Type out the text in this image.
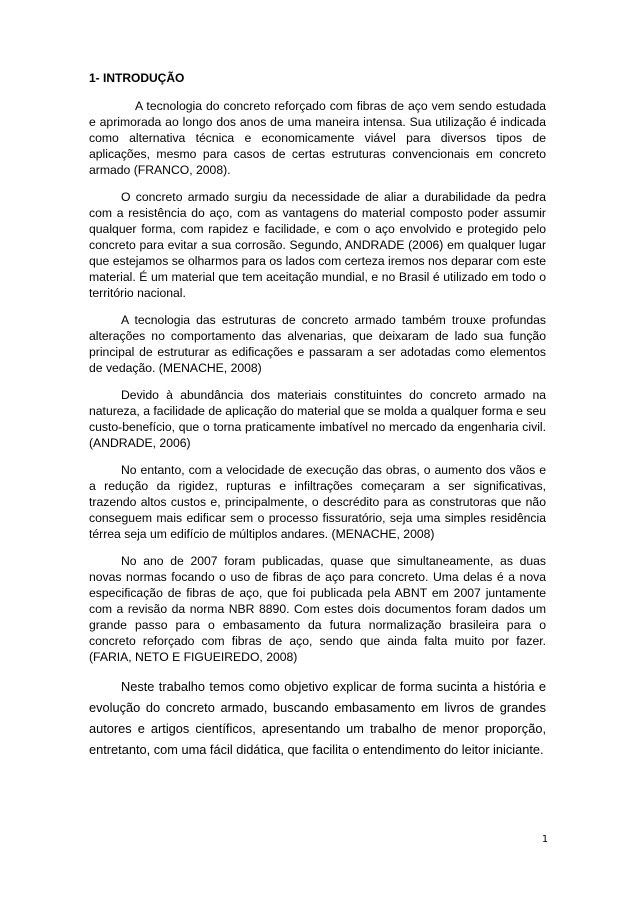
1- INTRODUÇÃO

A tecnologia do concreto reforçado com fibras de aço vem sendo estudada e aprimorada ao longo dos anos de uma maneira intensa. Sua utilização é indicada como alternativa técnica e economicamente viável para diversos tipos de aplicações, mesmo para casos de certas estruturas convencionais em concreto armado (FRANCO, 2008).

O concreto armado surgiu da necessidade de aliar a durabilidade da pedra com a resistência do aço, com as vantagens do material composto poder assumir qualquer forma, com rapidez e facilidade, e com o aço envolvido e protegido pelo concreto para evitar a sua corrosão. Segundo, ANDRADE (2006) em qualquer lugar que estejamos se olharmos para os lados com certeza iremos nos deparar com este material. É um material que tem aceitação mundial, e no Brasil é utilizado em todo o território nacional.

A tecnologia das estruturas de concreto armado também trouxe profundas alterações no comportamento das alvenarias, que deixaram de lado sua função principal de estruturar as edificações e passaram a ser adotadas como elementos de vedação. (MENACHE, 2008)

Devido à abundância dos materiais constituintes do concreto armado na natureza, a facilidade de aplicação do material que se molda a qualquer forma e seu custo-benefício, que o torna praticamente imbatível no mercado da engenharia civil. (ANDRADE, 2006)

No entanto, com a velocidade de execução das obras, o aumento dos vãos e a redução da rigidez, rupturas e infiltrações começaram a ser significativas, trazendo altos custos e, principalmente, o descrédito para as construtoras que não conseguem mais edificar sem o processo fissuratório, seja uma simples residência térrea seja um edifício de múltiplos andares. (MENACHE, 2008)

No ano de 2007 foram publicadas, quase que simultaneamente, as duas novas normas focando o uso de fibras de aço para concreto. Uma delas é a nova especificação de fibras de aço, que foi publicada pela ABNT em 2007 juntamente com a revisão da norma NBR 8890. Com estes dois documentos foram dados um grande passo para o embasamento da futura normalização brasileira para o concreto reforçado com fibras de aço, sendo que ainda falta muito por fazer. (FARIA, NETO E FIGUEIREDO, 2008)

Neste trabalho temos como objetivo explicar de forma sucinta a história e evolução do concreto armado, buscando embasamento em livros de grandes autores e artigos científicos, apresentando um trabalho de menor proporção, entretanto, com uma fácil didática, que facilita o entendimento do leitor iniciante.

1
